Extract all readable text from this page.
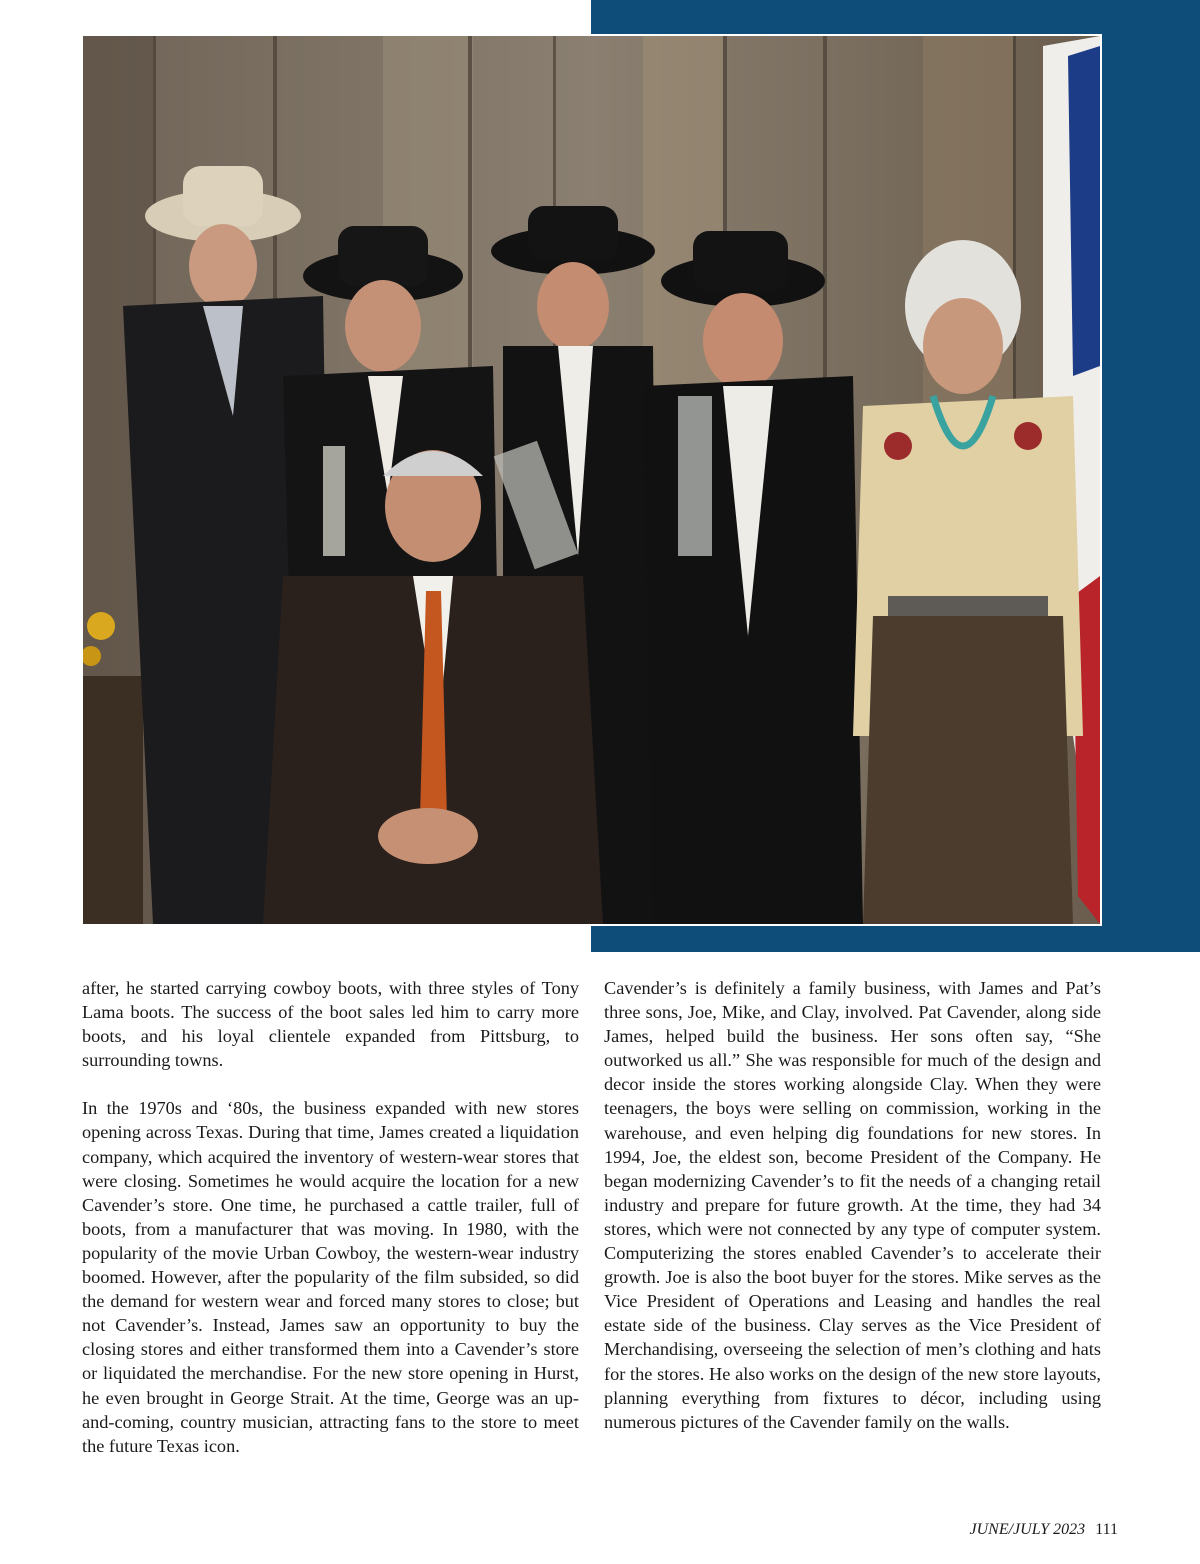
after, he started carrying cowboy boots, with three styles of Tony Lama boots. The success of the boot sales led him to carry more boots, and his loyal clientele expanded from Pittsburg, to surrounding towns.

In the 1970s and ‘80s, the business expanded with new stores opening across Texas. During that time, James created a liquidation company, which acquired the inventory of western-wear stores that were closing. Sometimes he would acquire the location for a new Cavender’s store. One time, he purchased a cattle trailer, full of boots, from a manufacturer that was moving. In 1980, with the popularity of the movie Urban Cowboy, the western-wear industry boomed. However, after the popularity of the film subsided, so did the demand for western wear and forced many stores to close; but not Cavender’s. Instead, James saw an opportunity to buy the closing stores and either transformed them into a Cavender’s store or liquidated the merchandise. For the new store opening in Hurst, he even brought in George Strait. At the time, George was an up-and-coming, country musician, attracting fans to the store to meet the future Texas icon.

Cavender’s is definitely a family business, with James and Pat’s three sons, Joe, Mike, and Clay, involved. Pat Cavender, along side James, helped build the business. Her sons often say, “She outworked us all.” She was responsible for much of the design and decor inside the stores working alongside Clay. When they were teenagers, the boys were selling on commission, working in the warehouse, and even helping dig foundations for new stores. In 1994, Joe, the eldest son, become President of the Company. He began modernizing Cavender’s to fit the needs of a changing retail industry and prepare for future growth. At the time, they had 34 stores, which were not connected by any type of computer system. Computerizing the stores enabled Cavender’s to accelerate their growth. Joe is also the boot buyer for the stores. Mike serves as the Vice President of Operations and Leasing and handles the real estate side of the business. Clay serves as the Vice President of Merchandising, overseeing the selection of men’s clothing and hats for the stores. He also works on the design of the new store layouts, planning everything from fixtures to décor, including using numerous pictures of the Cavender family on the walls.

JUNE/JULY 2023 111
